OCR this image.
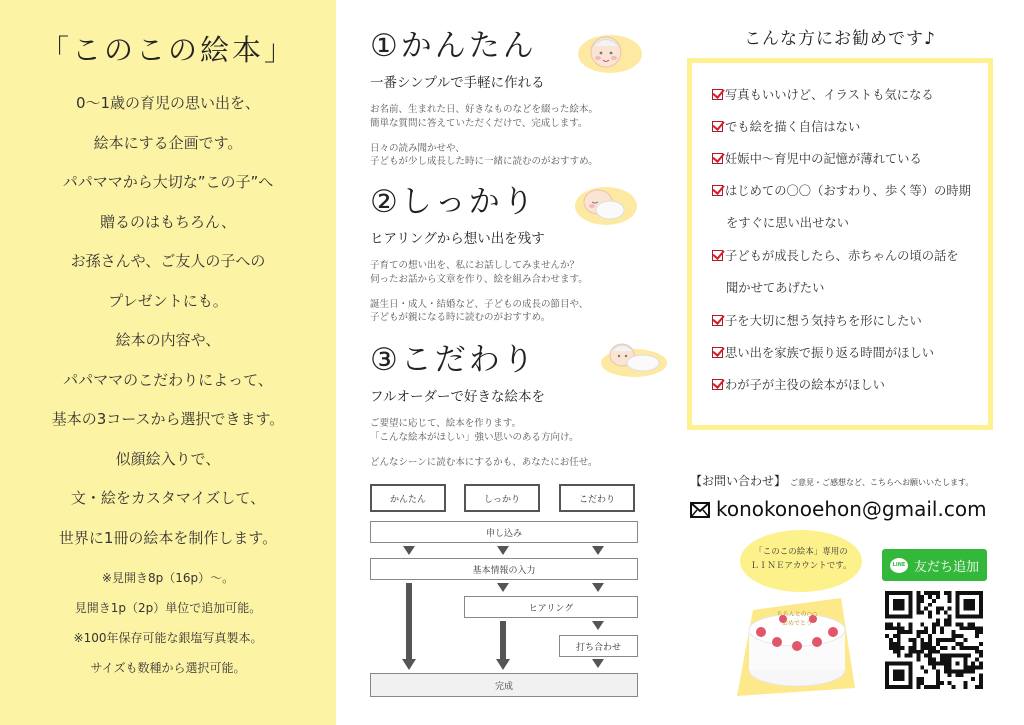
「このこの絵本」
0〜1歳の育児の思い出を、
絵本にする企画です。
パパママから大切な”この子”へ
贈るのはもちろん、
お孫さんや、ご友人の子への
プレゼントにも。
絵本の内容や、
パパママのこだわりによって、
基本の3コースから選択できます。
似顔絵入りで、
文・絵をカスタマイズして、
世界に1冊の絵本を制作します。
※見開き8p（16p）〜。
見開き1p（2p）単位で追加可能。
※100年保存可能な銀塩写真製本。
サイズも数種から選択可能。
①かんたん
一番シンプルで手軽に作れる
お名前、生まれた日、好きなものなどを綴った絵本。
簡単な質問に答えていただくだけで、完成します。
日々の読み聞かせや、
子どもが少し成長した時に一緒に読むのがおすすめ。
②しっかり
ヒアリングから想い出を残す
子育ての想い出を、私にお話ししてみませんか？
伺ったお話から文章を作り、絵を組み合わせます。
誕生日・成人・結婚など、子どもの成長の節目や、
子どもが親になる時に読むのがおすすめ。
③こだわり
フルオーダーで好きな絵本を
ご要望に応じて、絵本を作ります。
「こんな絵本がほしい」強い思いのある方向け。
どんなシーンに読む本にするかも、あなたにお任せ。
かんたん	しっかり	こだわり
申し込み
基本情報の入力
ヒアリング
打ち合わせ
完成
こんな方にお勧めです♪
写真もいいけど、イラストも気になる
でも絵を描く自信はない
妊娠中〜育児中の記憶が薄れている
はじめての〇〇（おすわり、歩く等）の時期
をすぐに思い出せない
子どもが成長したら、赤ちゃんの頃の話を
聞かせてあげたい
子を大切に想う気持ちを形にしたい
思い出を家族で振り返る時間がほしい
わが子が主役の絵本がほしい
【お問い合わせ】 ご意見・ご感想など、こちらへお願いいたします。
konokonoehon@gmail.com
「このこの絵本」専用の
ＬＩＮＥアカウントです。
ちちんとの○○
おめでとう
LINE 友だち追加
